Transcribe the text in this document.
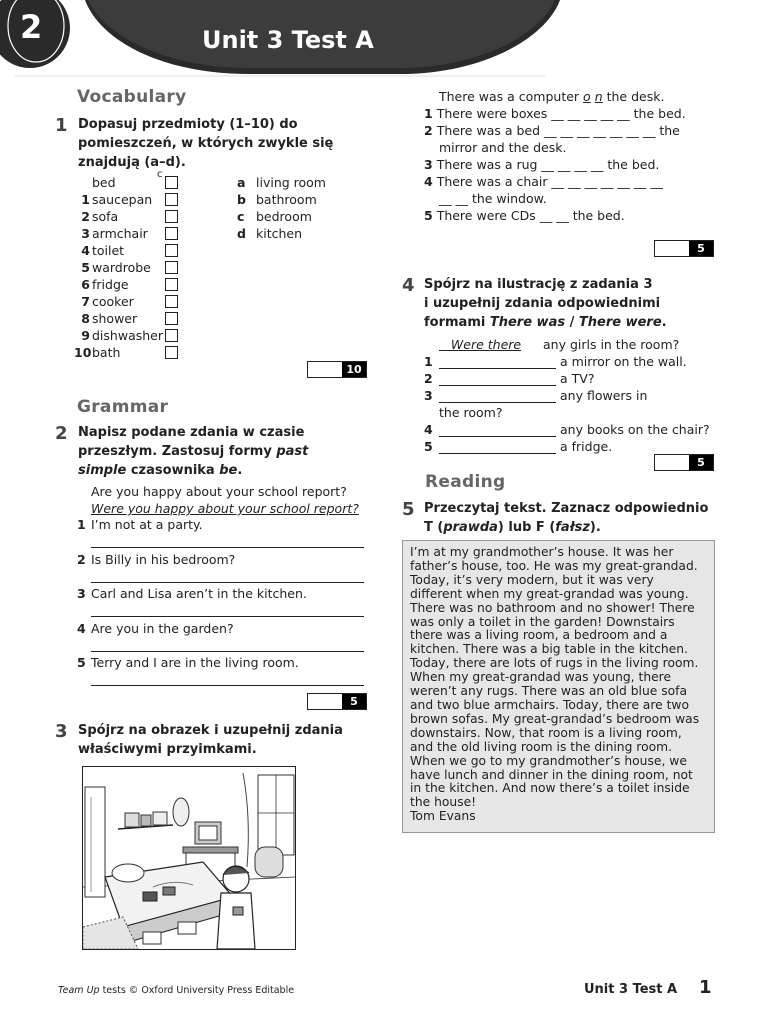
2	Unit 3 Test A
Vocabulary
1 Dopasuj przedmioty (1–10) do
pomieszczeń, w których zwykle się
znajdują (a–d).
bed
c
1 saucepan
2 sofa
3 armchair
4 toilet
5 wardrobe
6 fridge
7 cooker
8 shower
9 dishwasher
10 bath
a living room
b bathroom
c bedroom
d kitchen
10
Grammar
2 Napisz podane zdania w czasie
przeszłym. Zastosuj formy past
simple czasownika be.
Are you happy about your school report?
Were you happy about your school report?
1 I’m not at a party.
2 Is Billy in his bedroom?
3 Carl and Lisa aren’t in the kitchen.
4 Are you in the garden?
5 Terry and I are in the living room.
5
3 Spójrz na obrazek i uzupełnij zdania
właściwymi przyimkami.
There was a computer o n the desk.
1 There were boxes __ __ __ __ __ the bed.
2 There was a bed __ __ __ __ __ __ __ the
mirror and the desk.
3 There was a rug __ __ __ __ the bed.
4 There was a chair __ __ __ __ __ __ __
__ __ the window.
5 There were CDs __ __ the bed.
5
4 Spójrz na ilustrację z zadania 3
i uzupełnij zdania odpowiednimi
formami There was / There were.
Were there any girls in the room?
1	a mirror on the wall.
2	a TV?
3	any flowers in
the room?
4	any books on the chair?
5	a fridge.
5
Reading
5 Przeczytaj tekst. Zaznacz odpowiednio
T (prawda) lub F (fałsz).
I’m at my grandmother’s house. It was her
father’s house, too. He was my great-grandad.
Today, it’s very modern, but it was very
different when my great-grandad was young.
There was no bathroom and no shower! There
was only a toilet in the garden! Downstairs
there was a living room, a bedroom and a
kitchen. There was a big table in the kitchen.
Today, there are lots of rugs in the living room.
When my great-grandad was young, there
weren’t any rugs. There was an old blue sofa
and two blue armchairs. Today, there are two
brown sofas. My great-grandad’s bedroom was
downstairs. Now, that room is a living room,
and the old living room is the dining room.
When we go to my grandmother’s house, we
have lunch and dinner in the dining room, not
in the kitchen. And now there’s a toilet inside
the house!
Tom Evans
Team Up tests © Oxford University Press Editable	Unit 3 Test A 1
